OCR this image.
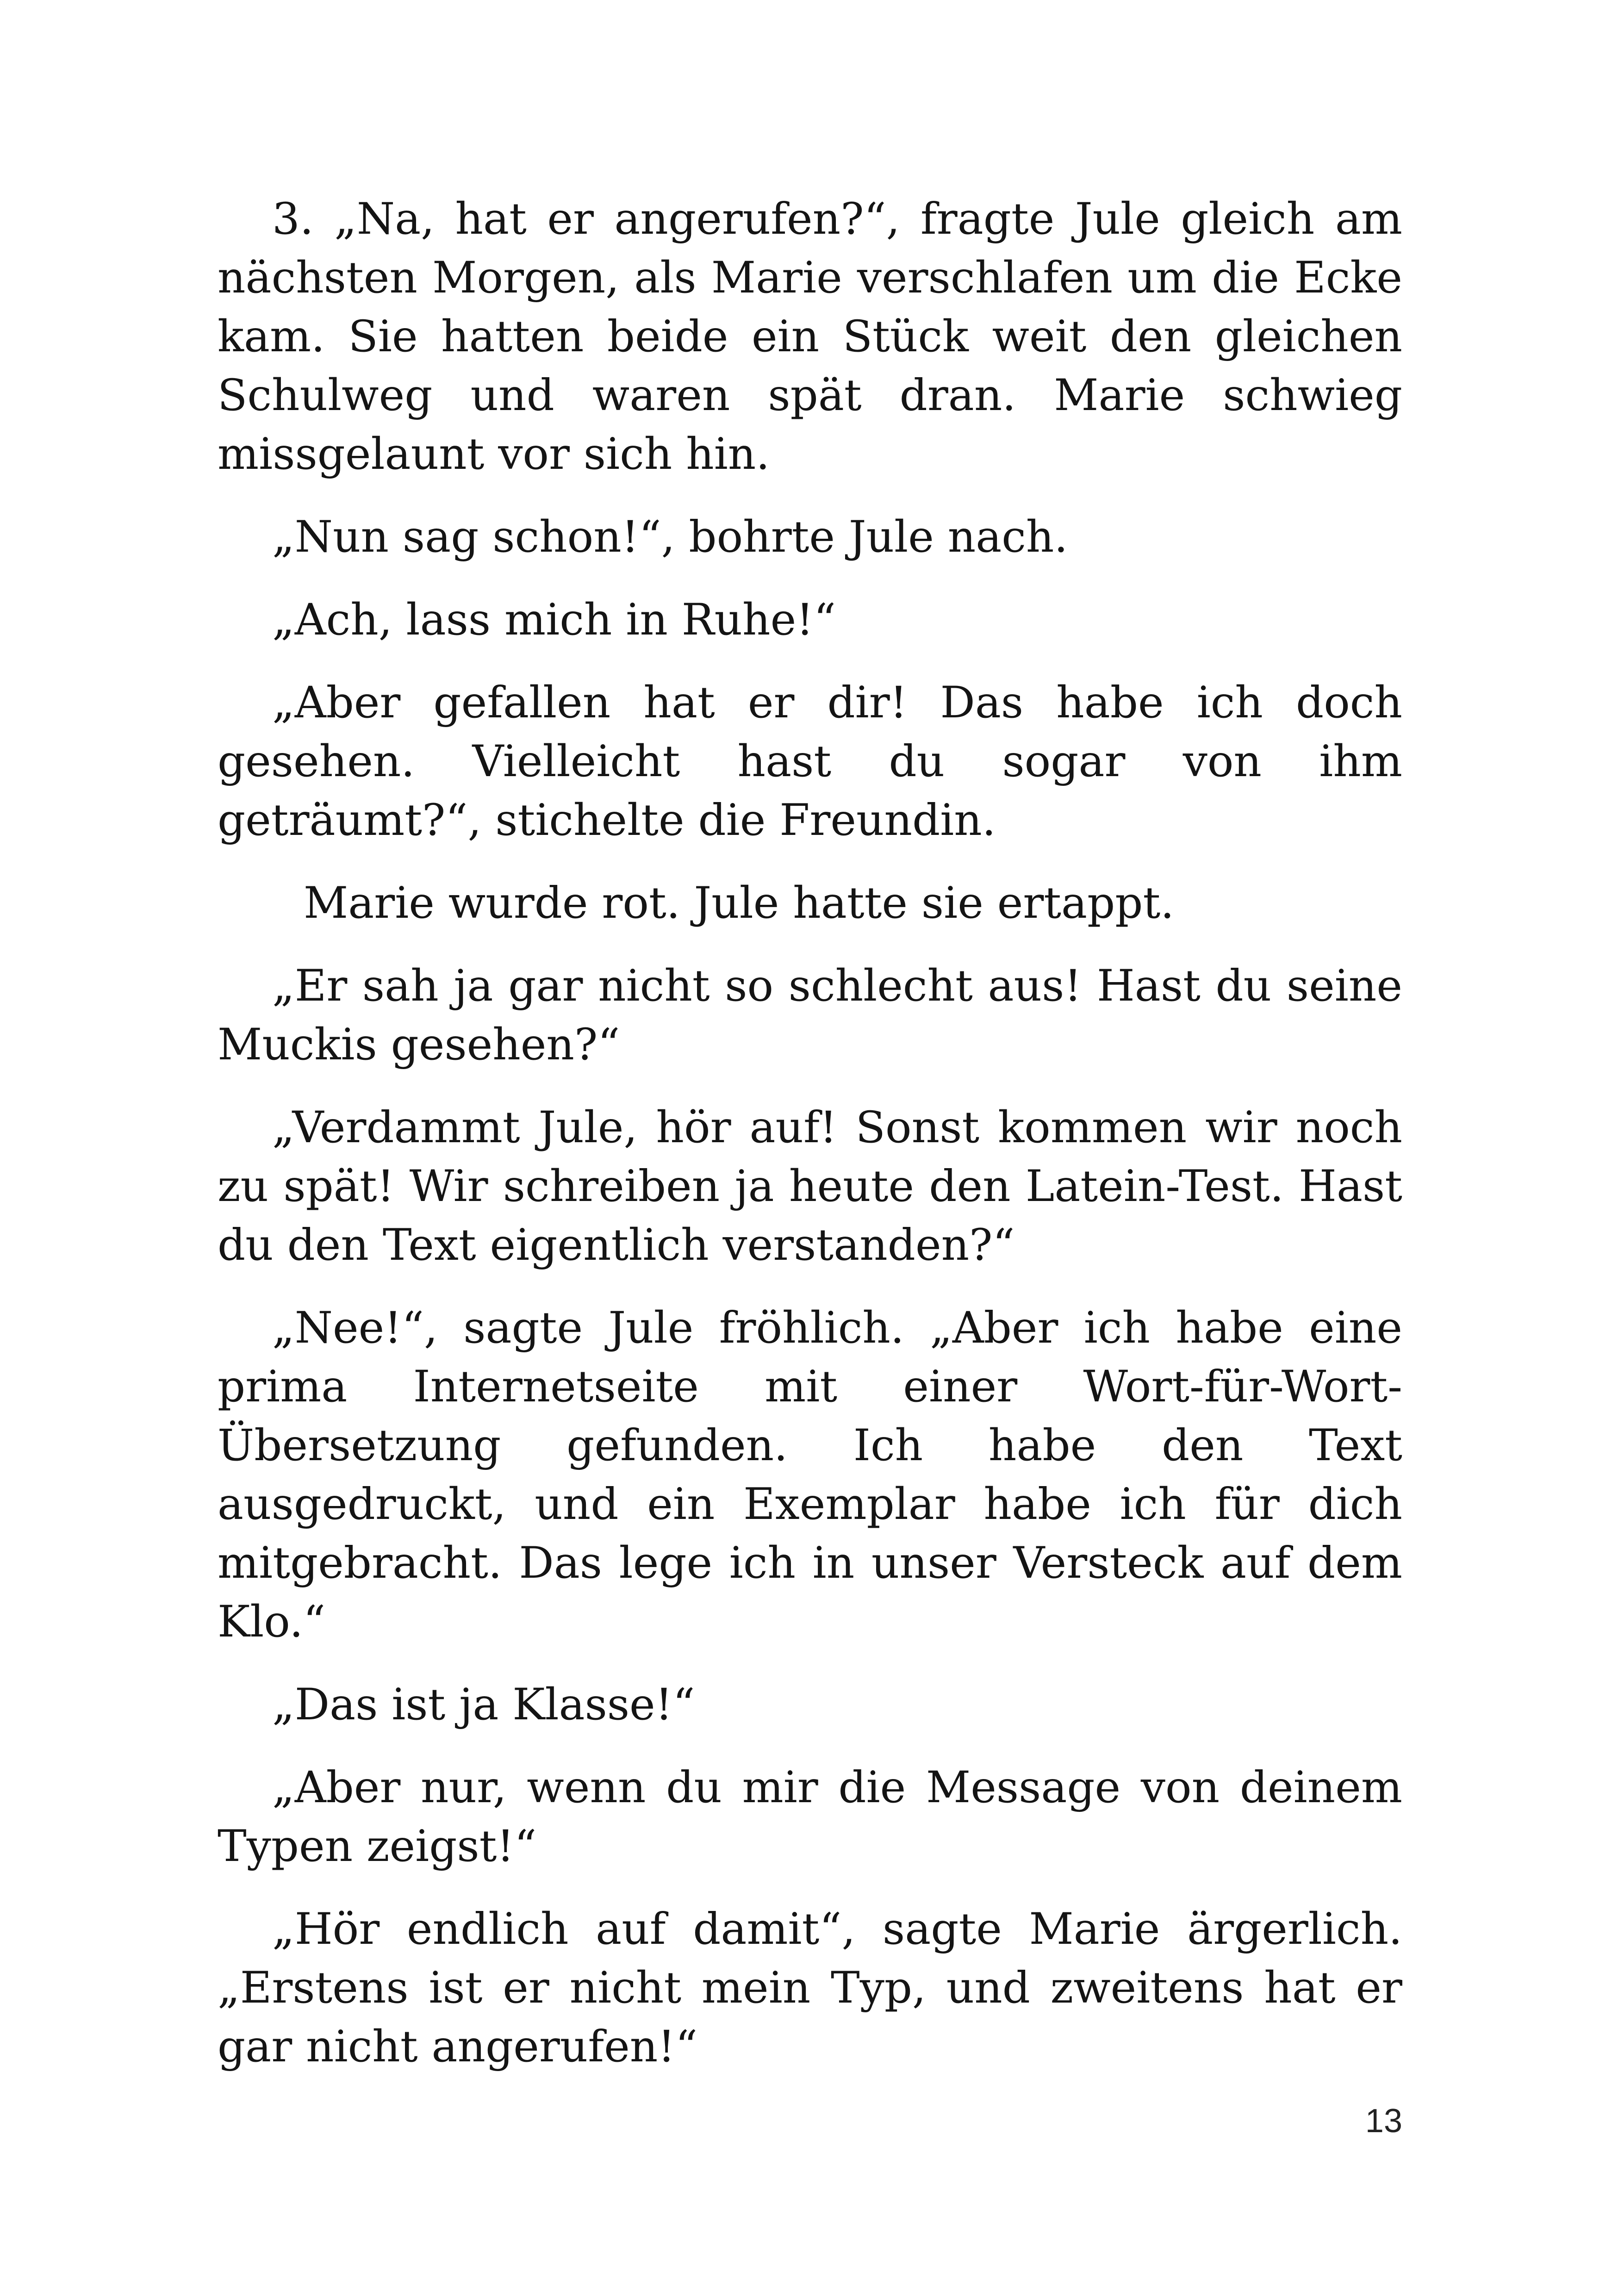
3. „Na, hat er angerufen?“, fragte Jule gleich am nächsten Morgen, als Marie verschlafen um die Ecke kam. Sie hatten beide ein Stück weit den gleichen Schulweg und waren spät dran. Marie schwieg missgelaunt vor sich hin.

„Nun sag schon!“, bohrte Jule nach.

„Ach, lass mich in Ruhe!“

„Aber gefallen hat er dir! Das habe ich doch gesehen. Vielleicht hast du sogar von ihm geträumt?“, stichelte die Freundin.

Marie wurde rot. Jule hatte sie ertappt.

„Er sah ja gar nicht so schlecht aus! Hast du seine Muckis gesehen?“

„Verdammt Jule, hör auf! Sonst kommen wir noch zu spät! Wir schreiben ja heute den Latein-Test. Hast du den Text eigentlich verstanden?“

„Nee!“, sagte Jule fröhlich. „Aber ich habe eine prima Internetseite mit einer Wort-für-Wort-Übersetzung gefunden. Ich habe den Text ausgedruckt, und ein Exemplar habe ich für dich mitgebracht. Das lege ich in unser Versteck auf dem Klo.“

„Das ist ja Klasse!“

„Aber nur, wenn du mir die Message von deinem Typen zeigst!“

„Hör endlich auf damit“, sagte Marie ärgerlich. „Erstens ist er nicht mein Typ, und zweitens hat er gar nicht angerufen!“

13
